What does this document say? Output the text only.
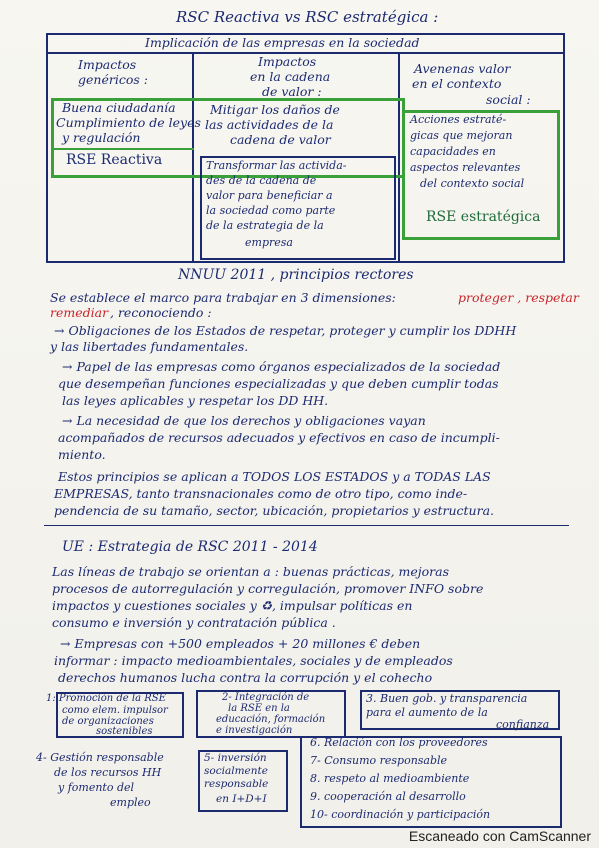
RSC Reactiva vs RSC estratégica :
Implicación de las empresas en la sociedad
Impactos
genéricos :
Impactos
en la cadena
de valor :
Avenenas valor
en el contexto
social :
Buena ciudadanía
Cumplimiento de leyes
y regulación
Mitigar los daños de
las actividades de la
cadena de valor
RSE Reactiva	Transformar las activida-
des de la cadena de
valor para beneficiar a
la sociedad como parte
de la estrategia de la
empresa
Acciones estraté-
gicas que mejoran
capacidades en
aspectos relevantes
del contexto social
RSE estratégica
NNUU 2011 , principios rectores
Se establece el marco para trabajar en 3 dimensiones:	proteger , respetar
remediar , reconociendo :
→ Obligaciones de los Estados de respetar, proteger y cumplir los DDHH
y las libertades fundamentales.
→ Papel de las empresas como órganos especializados de la sociedad
que desempeñan funciones especializadas y que deben cumplir todas
las leyes aplicables y respetar los DD HH.
→ La necesidad de que los derechos y obligaciones vayan
acompañados de recursos adecuados y efectivos en caso de incumpli-
miento.
Estos principios se aplican a TODOS LOS ESTADOS y a TODAS LAS
EMPRESAS, tanto transnacionales como de otro tipo, como inde-
pendencia de su tamaño, sector, ubicación, propietarios y estructura.
UE : Estrategia de RSC 2011 - 2014
Las líneas de trabajo se orientan a : buenas prácticas, mejoras
procesos de autorregulación y corregulación, promover INFO sobre
impactos y cuestiones sociales y ♻, impulsar políticas en
consumo e inversión y contratación pública .
→ Empresas con +500 empleados + 20 millones € deben
informar : impacto medioambientales, sociales y de empleados
derechos humanos lucha contra la corrupción y el cohecho
1: Promoción de la RSE
como elem. impulsor
de organizaciones
sostenibles
2- Integración de
la RSE en la
educación, formación
e investigación
3. Buen gob. y transparencia
para el aumento de la
confianza
4- Gestión responsable
de los recursos HH
y fomento del
empleo
5- inversión
socialmente
responsable
en I+D+I
6. Relación con los proveedores
7- Consumo responsable
8. respeto al medioambiente
9. cooperación al desarrollo
10- coordinación y participación
Escaneado con CamScanner
